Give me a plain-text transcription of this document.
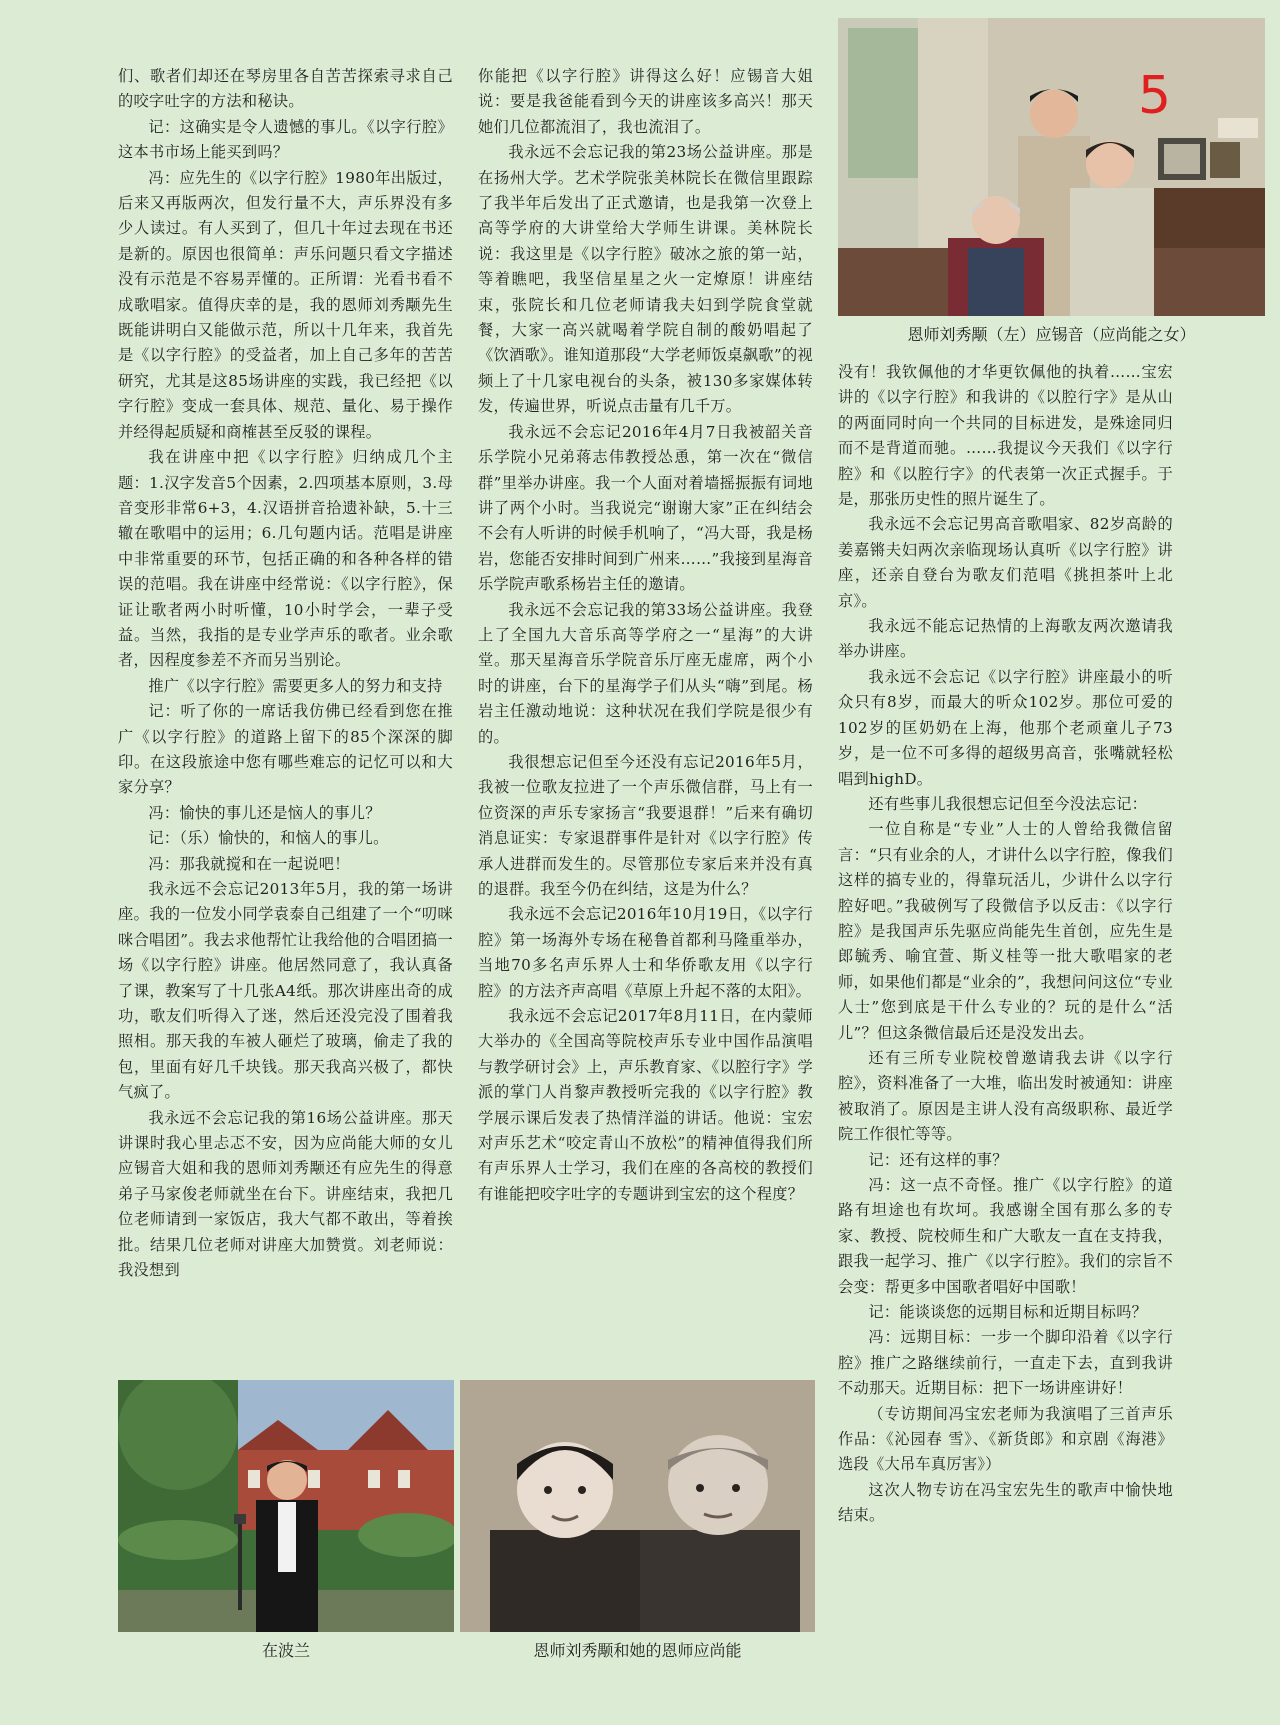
5
恩师刘秀颙（左）应锡音（应尚能之女）

们、歌者们却还在琴房里各自苦苦探索寻求自己的咬字吐字的方法和秘诀。

记：这确实是令人遗憾的事儿。《以字行腔》这本书市场上能买到吗？

冯：应先生的《以字行腔》1980年出版过，后来又再版两次，但发行量不大，声乐界没有多少人读过。有人买到了，但几十年过去现在书还是新的。原因也很简单：声乐问题只看文字描述没有示范是不容易弄懂的。正所谓：光看书看不成歌唱家。值得庆幸的是，我的恩师刘秀颙先生既能讲明白又能做示范，所以十几年来，我首先是《以字行腔》的受益者，加上自己多年的苦苦研究，尤其是这85场讲座的实践，我已经把《以字行腔》变成一套具体、规范、量化、易于操作并经得起质疑和商榷甚至反驳的课程。

我在讲座中把《以字行腔》归纳成几个主题：1.汉字发音5个因素，2.四项基本原则，3.母音变形非常6+3，4.汉语拼音拾遗补缺，5.十三辙在歌唱中的运用；6.几句题内话。范唱是讲座中非常重要的环节，包括正确的和各种各样的错误的范唱。我在讲座中经常说：《以字行腔》，保证让歌者两小时听懂，10小时学会，一辈子受益。当然，我指的是专业学声乐的歌者。业余歌者，因程度参差不齐而另当别论。

推广《以字行腔》需要更多人的努力和支持

记：听了你的一席话我仿佛已经看到您在推广《以字行腔》的道路上留下的85个深深的脚印。在这段旅途中您有哪些难忘的记忆可以和大家分享？

冯：愉快的事儿还是恼人的事儿？

记：（乐）愉快的，和恼人的事儿。

冯：那我就搅和在一起说吧！

我永远不会忘记2013年5月，我的第一场讲座。我的一位发小同学袁泰自己组建了一个“叨咪咪合唱团”。我去求他帮忙让我给他的合唱团搞一场《以字行腔》讲座。他居然同意了，我认真备了课，教案写了十几张A4纸。那次讲座出奇的成功，歌友们听得入了迷，然后还没完没了围着我照相。那天我的车被人砸烂了玻璃，偷走了我的包，里面有好几千块钱。那天我高兴极了，都快气疯了。

我永远不会忘记我的第16场公益讲座。那天讲课时我心里忐忑不安，因为应尚能大师的女儿应锡音大姐和我的恩师刘秀颙还有应先生的得意弟子马家俊老师就坐在台下。讲座结束，我把几位老师请到一家饭店，我大气都不敢出，等着挨批。结果几位老师对讲座大加赞赏。刘老师说：我没想到

你能把《以字行腔》讲得这么好！应锡音大姐说：要是我爸能看到今天的讲座该多高兴！那天她们几位都流泪了，我也流泪了。

我永远不会忘记我的第23场公益讲座。那是在扬州大学。艺术学院张美林院长在微信里跟踪了我半年后发出了正式邀请，也是我第一次登上高等学府的大讲堂给大学师生讲课。美林院长说：我这里是《以字行腔》破冰之旅的第一站，等着瞧吧，我坚信星星之火一定燎原！讲座结束，张院长和几位老师请我夫妇到学院食堂就餐，大家一高兴就喝着学院自制的酸奶唱起了《饮酒歌》。谁知道那段“大学老师饭桌飙歌”的视频上了十几家电视台的头条，被130多家媒体转发，传遍世界，听说点击量有几千万。

我永远不会忘记2016年4月7日我被韶关音乐学院小兄弟蒋志伟教授怂恿，第一次在“微信群”里举办讲座。我一个人面对着墙摇振振有词地讲了两个小时。当我说完“谢谢大家”正在纠结会不会有人听讲的时候手机响了，“冯大哥，我是杨岩，您能否安排时间到广州来……”我接到星海音乐学院声歌系杨岩主任的邀请。

我永远不会忘记我的第33场公益讲座。我登上了全国九大音乐高等学府之一“星海”的大讲堂。那天星海音乐学院音乐厅座无虚席，两个小时的讲座，台下的星海学子们从头“嗨”到尾。杨岩主任激动地说：这种状况在我们学院是很少有的。

我很想忘记但至今还没有忘记2016年5月，我被一位歌友拉进了一个声乐微信群，马上有一位资深的声乐专家扬言“我要退群！”后来有确切消息证实：专家退群事件是针对《以字行腔》传承人进群而发生的。尽管那位专家后来并没有真的退群。我至今仍在纠结，这是为什么？

我永远不会忘记2016年10月19日，《以字行腔》第一场海外专场在秘鲁首都利马隆重举办，当地70多名声乐界人士和华侨歌友用《以字行腔》的方法齐声高唱《草原上升起不落的太阳》。

我永远不会忘记2017年8月11日，在内蒙师大举办的《全国高等院校声乐专业中国作品演唱与教学研讨会》上，声乐教育家、《以腔行字》学派的掌门人肖黎声教授听完我的《以字行腔》教学展示课后发表了热情洋溢的讲话。他说：宝宏对声乐艺术“咬定青山不放松”的精神值得我们所有声乐界人士学习，我们在座的各高校的教授们有谁能把咬字吐字的专题讲到宝宏的这个程度？

没有！我钦佩他的才华更钦佩他的执着……宝宏讲的《以字行腔》和我讲的《以腔行字》是从山的两面同时向一个共同的目标进发，是殊途同归而不是背道而驰。……我提议今天我们《以字行腔》和《以腔行字》的代表第一次正式握手。于是，那张历史性的照片诞生了。

我永远不会忘记男高音歌唱家、82岁高龄的姜嘉锵夫妇两次亲临现场认真听《以字行腔》讲座，还亲自登台为歌友们范唱《挑担茶叶上北京》。

我永远不能忘记热情的上海歌友两次邀请我举办讲座。

我永远不会忘记《以字行腔》讲座最小的听众只有8岁，而最大的听众102岁。那位可爱的102岁的匡奶奶在上海，他那个老顽童儿子73岁，是一位不可多得的超级男高音，张嘴就轻松唱到highD。

还有些事儿我很想忘记但至今没法忘记：

一位自称是“专业”人士的人曾给我微信留言：“只有业余的人，才讲什么以字行腔，像我们这样的搞专业的，得靠玩活儿，少讲什么以字行腔好吧。”我破例写了段微信予以反击：《以字行腔》是我国声乐先驱应尚能先生首创，应先生是郎毓秀、喻宜萱、斯义桂等一批大歌唱家的老师，如果他们都是“业余的”，我想问问这位“专业人士”您到底是干什么专业的？玩的是什么“活儿”？但这条微信最后还是没发出去。

还有三所专业院校曾邀请我去讲《以字行腔》，资料准备了一大堆，临出发时被通知：讲座被取消了。原因是主讲人没有高级职称、最近学院工作很忙等等。

记：还有这样的事？

冯：这一点不奇怪。推广《以字行腔》的道路有坦途也有坎坷。我感谢全国有那么多的专家、教授、院校师生和广大歌友一直在支持我，跟我一起学习、推广《以字行腔》。我们的宗旨不会变：帮更多中国歌者唱好中国歌！

记：能谈谈您的远期目标和近期目标吗？

冯：远期目标：一步一个脚印沿着《以字行腔》推广之路继续前行，一直走下去，直到我讲不动那天。近期目标：把下一场讲座讲好！

（专访期间冯宝宏老师为我演唱了三首声乐作品：《沁园春 雪》、《新货郎》和京剧《海港》选段《大吊车真厉害》）

这次人物专访在冯宝宏先生的歌声中愉快地结束。

在波兰	恩师刘秀颙和她的恩师应尚能
